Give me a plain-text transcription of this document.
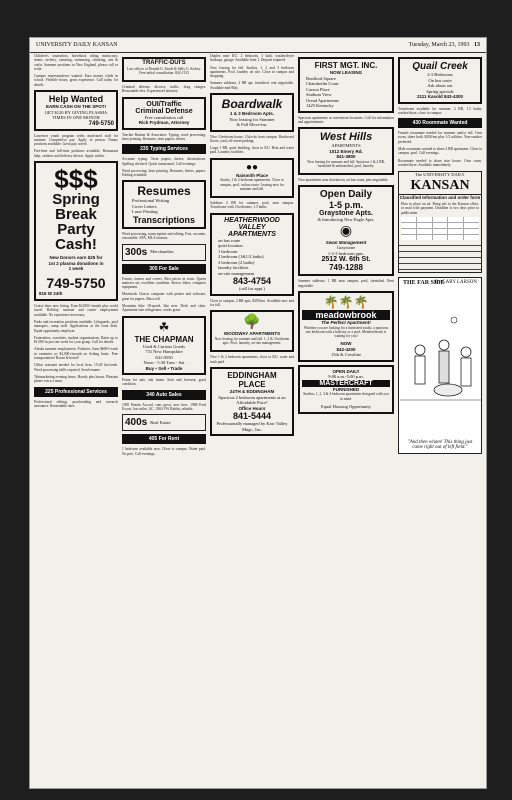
UNIVERSITY DAILY KANSAN	Tuesday, March 23, 1993 13
Children's counselors, horseback riding instructors, tennis, archery, canoeing, swimming, climbing, arts & crafts. Summer positions in New England, please call or write.
Campus representatives wanted. Earn money while in school. Flexible hours, great experience. Call today for details.
Help Wanted
EARN CASH ON THE SPOT!
GET $120 BY GIVING PLASMA
TIMES IN ONE MONTH
749-5750
Lawrence youth program seeks motivated staff for summer. Competitive pay. Apply in person. Nanny positions available. Great pay, travel.
Part-time and full-time positions available. Restaurant help, cashiers and delivery drivers. Apply within.
$$$
Spring
Break
Party
Cash!
New Donors earn $25 for
1st 2 plasma donations in
1 week
749-5750
816 W 24th
Cruise lines now hiring. Earn $2,000+/month plus world travel. Holiday, summer and career employment available. No experience necessary.
Parks and recreation positions available. Lifeguards, pool managers, camp staff. Applications at the front desk. Equal opportunity employer.
Fraternities, sororities, student organizations. Raise up to $1,000 in just one week for your group. Call for details.
Alaska summer employment. Fisheries. Earn $600+/week in canneries or $4,000+/month on fishing boats. Free transportation! Room & board!
Office assistant needed for local firm, 15-20 hrs/week. Word processing skills required. Send resume.
Telemarketing evening hours. Hourly plus bonus. Pleasant phone voice a must.
225 Professional Services
Professional editing, proofreading and research assistance. Reasonable rates.
TRAFFIC-DUI'S
Law offices of Donald G. Strole & Sally G. Kelsey. Free initial consultation. 842-1133
Criminal defense, divorce, traffic, drug charges. Reasonable fees. Experienced attorney.
OUI/Traffic
Criminal Defense
Free consultation call
Rick Frydman, Attorney
Teacher Ruttner & Associates. Typing, word processing, laser printing. Resumes, term papers, theses.
235 Typing Services
Accurate typing. Term papers, theses, dissertations. Spelling checked. Quick turnaround. Call evenings.
Word processing, laser printing. Resumes, letters, papers. Editing available.
Resumes
Professional Writing
Cover Letters
Laser Printing
Transcriptions
Word processing, transcription and editing. Fast, accurate, reasonable. APA, MLA formats.
300s Merchandise
305 For Sale
Futons, frames and covers. Best prices in town. Queen mattress set, excellent condition. Stereo, bikes, computer equipment.
Macintosh Classic computer with printer and software, great for papers. Must sell.
Mountain bike 18-speed, like new. Desk and chair. Apartment-size refrigerator, works great.
☘
THE CHAPMAN
Used & Curious Goods
731 New Hampshire
841-0550
Noon - 5:30 Tues - Sat
Buy • Sell • Trade
Futon for sale, oak frame. Sofa and loveseat, good condition.
340 Auto Sales
1985 Honda Accord, runs great, new tires. 1988 Ford Escort, low miles, AC. 1984 VW Rabbit, reliable.
400s Real Estate
405 For Rent
1 bedroom available now. Close to campus. Water paid. No pets. Call evenings.
Duplex near KU. 2 bedroom, 1 bath, washer/dryer hookups, garage. Available June 1. Deposit required.
Now leasing for fall. Studios, 1, 2 and 3 bedroom apartments. Pool, laundry on site. Close to campus and shopping.
Summer sublease, 2 BR apt, furnished, rent negotiable. Available mid-May.
Boardwalk
1 & 2 Bedroom Apts.
Now leasing for Summer
& Fall Move-ins.
Nice 3 bedroom house, 2 blocks from campus. Hardwood floors, yard, off-street parking.
Large 1 BR, quiet building, close to KU. Heat and water paid. Laundry facilities.
●●
Naismith Place
Studio, 1 & 2 bedroom apartments. Close to campus, pool, on bus route. Leasing now for summer and fall.
Sublease 2 BR for summer, pool, near campus. Townhouse with 2 bedrooms, 1.5 baths.
HEATHERWOOD VALLEY APARTMENTS
on bus route
quiet location
1 bedroom
2 bedroom (1&1/2 baths)
3 bedroom (2 baths)
laundry facilities
on-site management
843-4754
(call for appt.)
Close to campus, 2 BR apts, $395/mo. Available now and for fall.
🌳
WOODWAY APARTMENTS
Now leasing for summer and fall. 1, 2 & 3 bedroom apts. Pool, laundry, on-site management.
Nice 1 & 2 bedroom apartments, close to KU, water and trash paid.
EDDINGHAM PLACE
24TH & EDDINGHAM
Spacious 2 bedroom apartments at an Affordable Price!
Office Hours
841-5444
Professionally managed by Kaw Valley Mngt., Inc.
FIRST MGT. INC.
NOW LEASING
Bradford Square
Chamberlin Court
Carson Place
Stadium View
Oread Apartments
1425 Kentucky
Spacious apartments in convenient locations. Call for information and appointments.
West Hills
APARTMENTS
1012 Emery Rd.
841-3800
Now leasing for summer and fall. Spacious 1 & 2 BR, furnished & unfurnished, pool, laundry.
Nice apartments near downtown, on bus route, pets negotiable.
Open Daily
1-5 p.m.
Graystone Apts.
& Introducing New Eagle Apts.
◉
Swan Management
Graystone
1-2-3 bedroom apts.
2512 W. 6th St.
749-1288
Summer sublease, 1 BR near campus, pool, furnished. Rent negotiable.
🌴🌴🌴
meadowbrook
The Perfect Apartment!
Whether you are looking for a furnished studio, a spacious one bedroom with a balcony or a pool, Meadowbrook is waiting for you!
NOW
842-4200
15th & Crestline
OPEN DAILY
9:00 a.m.-5:00 p.m.
MASTERCRAFT
FURNISHED
Studios, 1, 2, 3 & 4 bedroom apartments designed with you in mind.
Equal Housing Opportunity
Quail Creek
2-3 Bedrooms
On bus route
Ask about our
Spring specials
2111 Kasold 843-4300
Townhome available for summer, 2 BR, 1.5 baths, washer/dryer, close to campus.
430 Roommate Wanted
Female roommate needed for summer and/or fall. Own room, share bath. $200/mo plus 1/2 utilities. Non-smoker preferred.
Male roommate wanted to share 2 BR apartment. Close to campus, pool. Call evenings.
Roommate needed to share nice house. Own room, washer/dryer. Available immediately.
The UNIVERSITY DAILY
KANSAN
Classified Information and order form
How to place an ad. Bring ads to the Kansan office, or mail with payment. Deadline is two days prior to publication.
THE FAR SIDE
By GARY LARSON
"And then wham! This thing just came right out of left field."
